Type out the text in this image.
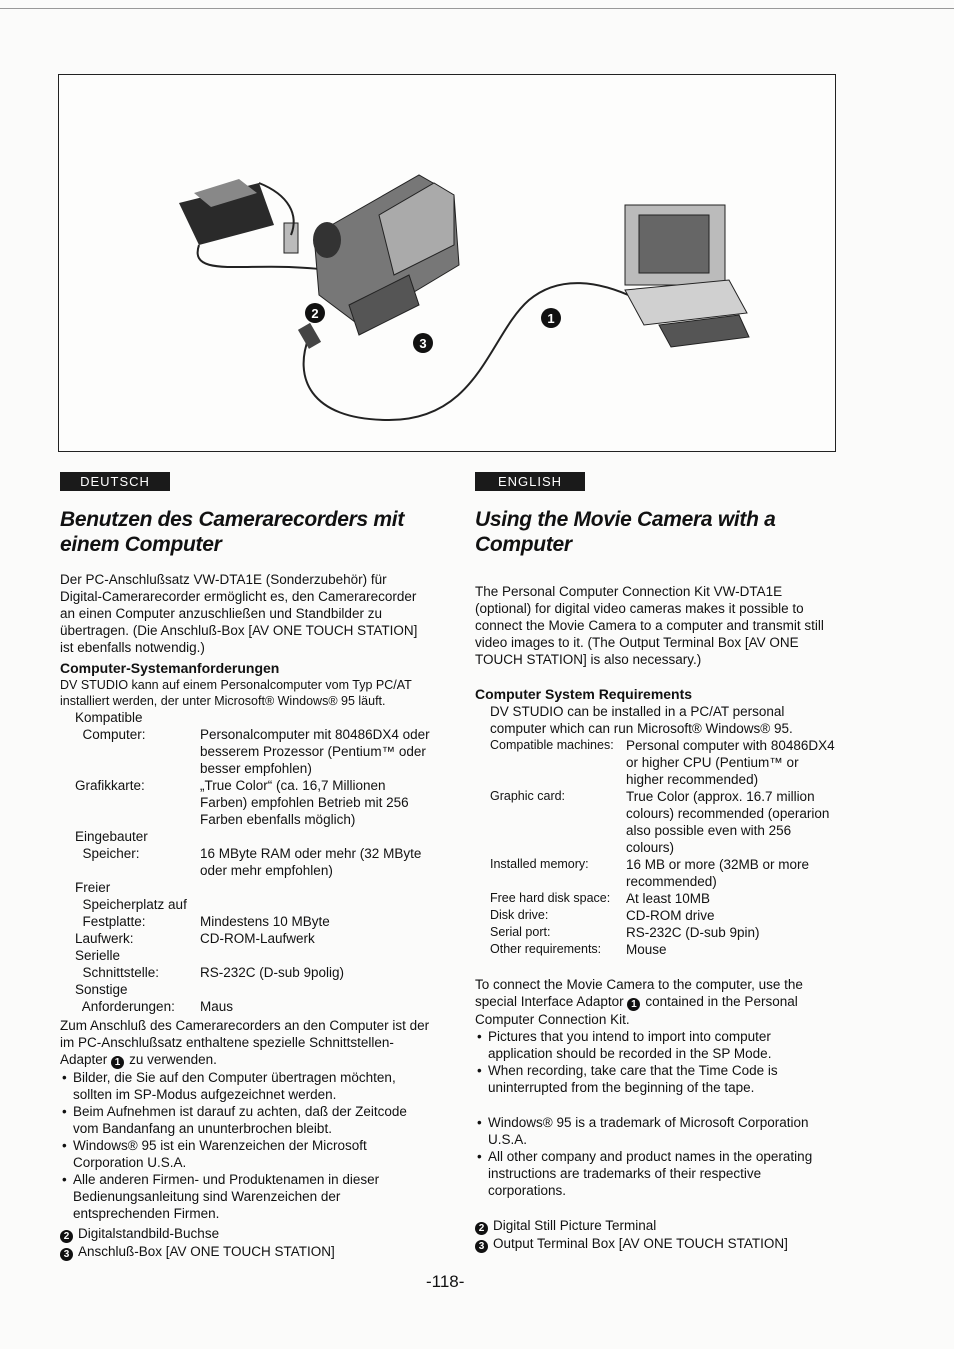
1
2
3
DEUTSCH
Benutzen des Camerarecorders mit einem Computer

Der PC-Anschlußsatz VW-DTA1E (Sonderzubehör) für Digital-Camerarecorder ermöglicht es, den Camerarecorder an einen Computer anzuschließen und Standbilder zu übertragen. (Die Anschluß-Box [AV ONE TOUCH STATION] ist ebenfalls notwendig.)

Computer-Systemanforderungen

DV STUDIO kann auf einem Personalcomputer vom Typ PC/AT installiert werden, der unter Microsoft® Windows® 95 läuft.

Kompatible	
Computer:	Personalcomputer mit 80486DX4 oder besserem Prozessor (Pentium™ oder besser empfohlen)
Grafikkarte:	„True Color“ (ca. 16,7 Millionen Farben) empfohlen Betrieb mit 256 Farben ebenfalls möglich)
Eingebauter	
Speicher:	16 MByte RAM oder mehr (32 MByte oder mehr empfohlen)
Freier	
Speicherplatz auf	
Festplatte:	Mindestens 10 MByte
Laufwerk:	CD-ROM-Laufwerk
Serielle	
Schnittstelle:	RS-232C (D-sub 9polig)
Sonstige	
Anforderungen:	Maus

Zum Anschluß des Camerarecorders an den Computer ist der im PC-Anschlußsatz enthaltene spezielle Schnittstellen-Adapter 1 zu verwenden.

• Bilder, die Sie auf den Computer übertragen möchten, sollten im SP-Modus aufgezeichnet werden.
• Beim Aufnehmen ist darauf zu achten, daß der Zeitcode vom Bandanfang an ununterbrochen bleibt.
• Windows® 95 ist ein Warenzeichen der Microsoft Corporation U.S.A.
• Alle anderen Firmen- und Produktenamen in dieser Bedienungsanleitung sind Warenzeichen der entsprechenden Firmen.
2 Digitalstandbild-Buchse
3 Anschluß-Box [AV ONE TOUCH STATION]
ENGLISH
Using the Movie Camera with a Computer

The Personal Computer Connection Kit VW-DTA1E (optional) for digital video cameras makes it possible to connect the Movie Camera to a computer and transmit still video images to it. (The Output Terminal Box [AV ONE TOUCH STATION] is also necessary.)

Computer System Requirements

DV STUDIO can be installed in a PC/AT personal computer which can run Microsoft® Windows® 95.

Compatible machines:	Personal computer with 80486DX4 or higher CPU (Pentium™ or higher recommended)
Graphic card:	True Color (approx. 16.7 million colours) recommended (operarion also possible even with 256 colours)
Installed memory:	16 MB or more (32MB or more recommended)
Free hard disk space:	At least 10MB
Disk drive:	CD-ROM drive
Serial port:	RS-232C (D-sub 9pin)
Other requirements:	Mouse

To connect the Movie Camera to the computer, use the special Interface Adaptor 1 contained in the Personal Computer Connection Kit.

• Pictures that you intend to import into computer application should be recorded in the SP Mode.
• When recording, take care that the Time Code is uninterrupted from the beginning of the tape.
• Windows® 95 is a trademark of Microsoft Corporation U.S.A.
• All other company and product names in the operating instructions are trademarks of their respective corporations.
2 Digital Still Picture Terminal
3 Output Terminal Box [AV ONE TOUCH STATION]
-118-
